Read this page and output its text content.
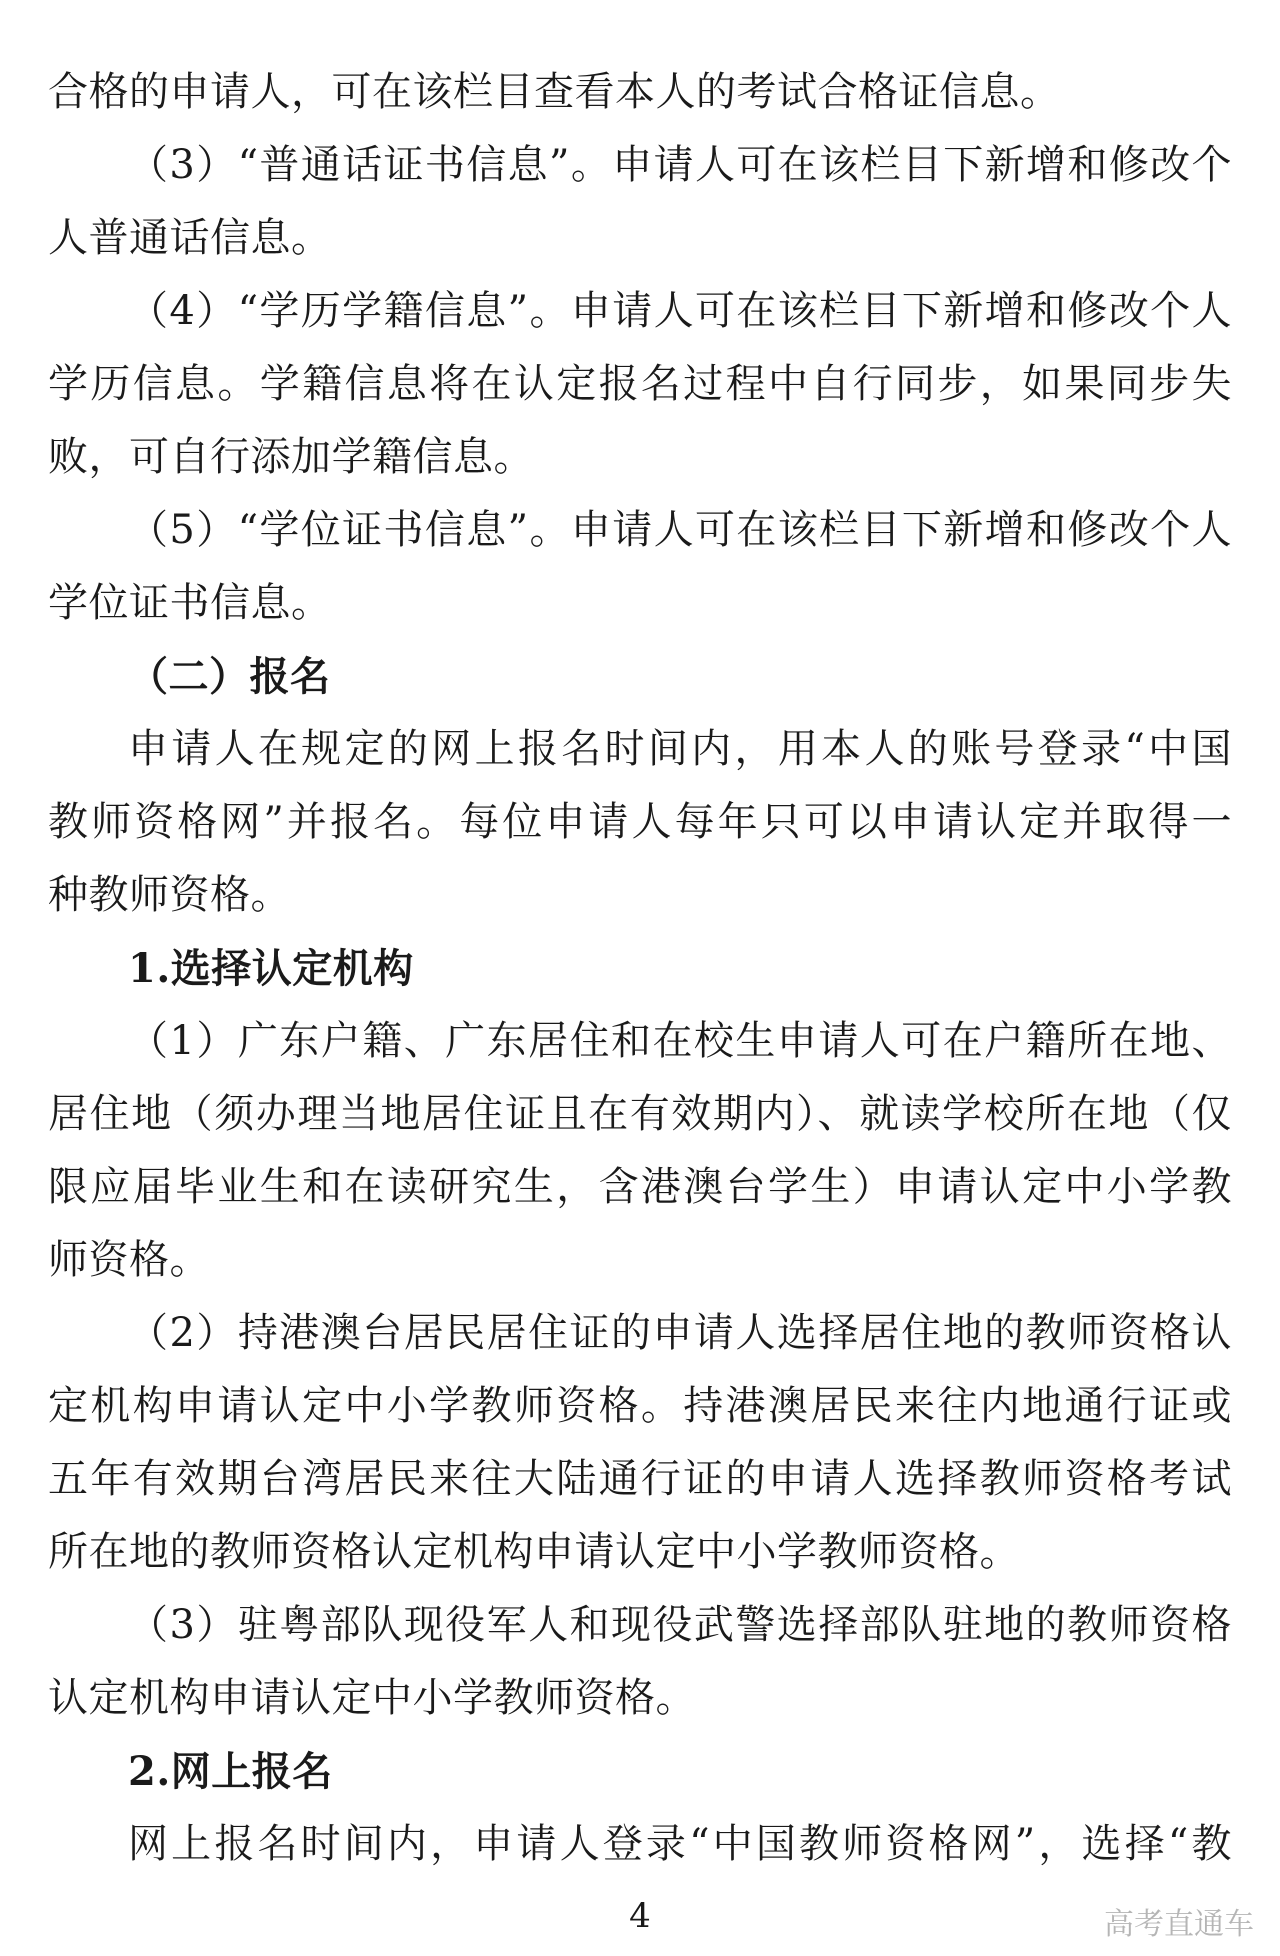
合格的申请人，可在该栏目查看本人的考试合格证信息。
（3）“普通话证书信息”。申请人可在该栏目下新增和修改个
人普通话信息。
（4）“学历学籍信息”。申请人可在该栏目下新增和修改个人
学历信息。学籍信息将在认定报名过程中自行同步，如果同步失
败，可自行添加学籍信息。
（5）“学位证书信息”。申请人可在该栏目下新增和修改个人
学位证书信息。
（二）报名
申请人在规定的网上报名时间内，用本人的账号登录“中国
教师资格网”并报名。每位申请人每年只可以申请认定并取得一
种教师资格。
1.选择认定机构
（1）广东户籍、广东居住和在校生申请人可在户籍所在地、
居住地（须办理当地居住证且在有效期内）、就读学校所在地（仅
限应届毕业生和在读研究生，含港澳台学生）申请认定中小学教
师资格。
（2）持港澳台居民居住证的申请人选择居住地的教师资格认
定机构申请认定中小学教师资格。持港澳居民来往内地通行证或
五年有效期台湾居民来往大陆通行证的申请人选择教师资格考试
所在地的教师资格认定机构申请认定中小学教师资格。
（3）驻粤部队现役军人和现役武警选择部队驻地的教师资格
认定机构申请认定中小学教师资格。
2.网上报名
网上报名时间内，申请人登录“中国教师资格网”，选择“教
4	高考直通车
